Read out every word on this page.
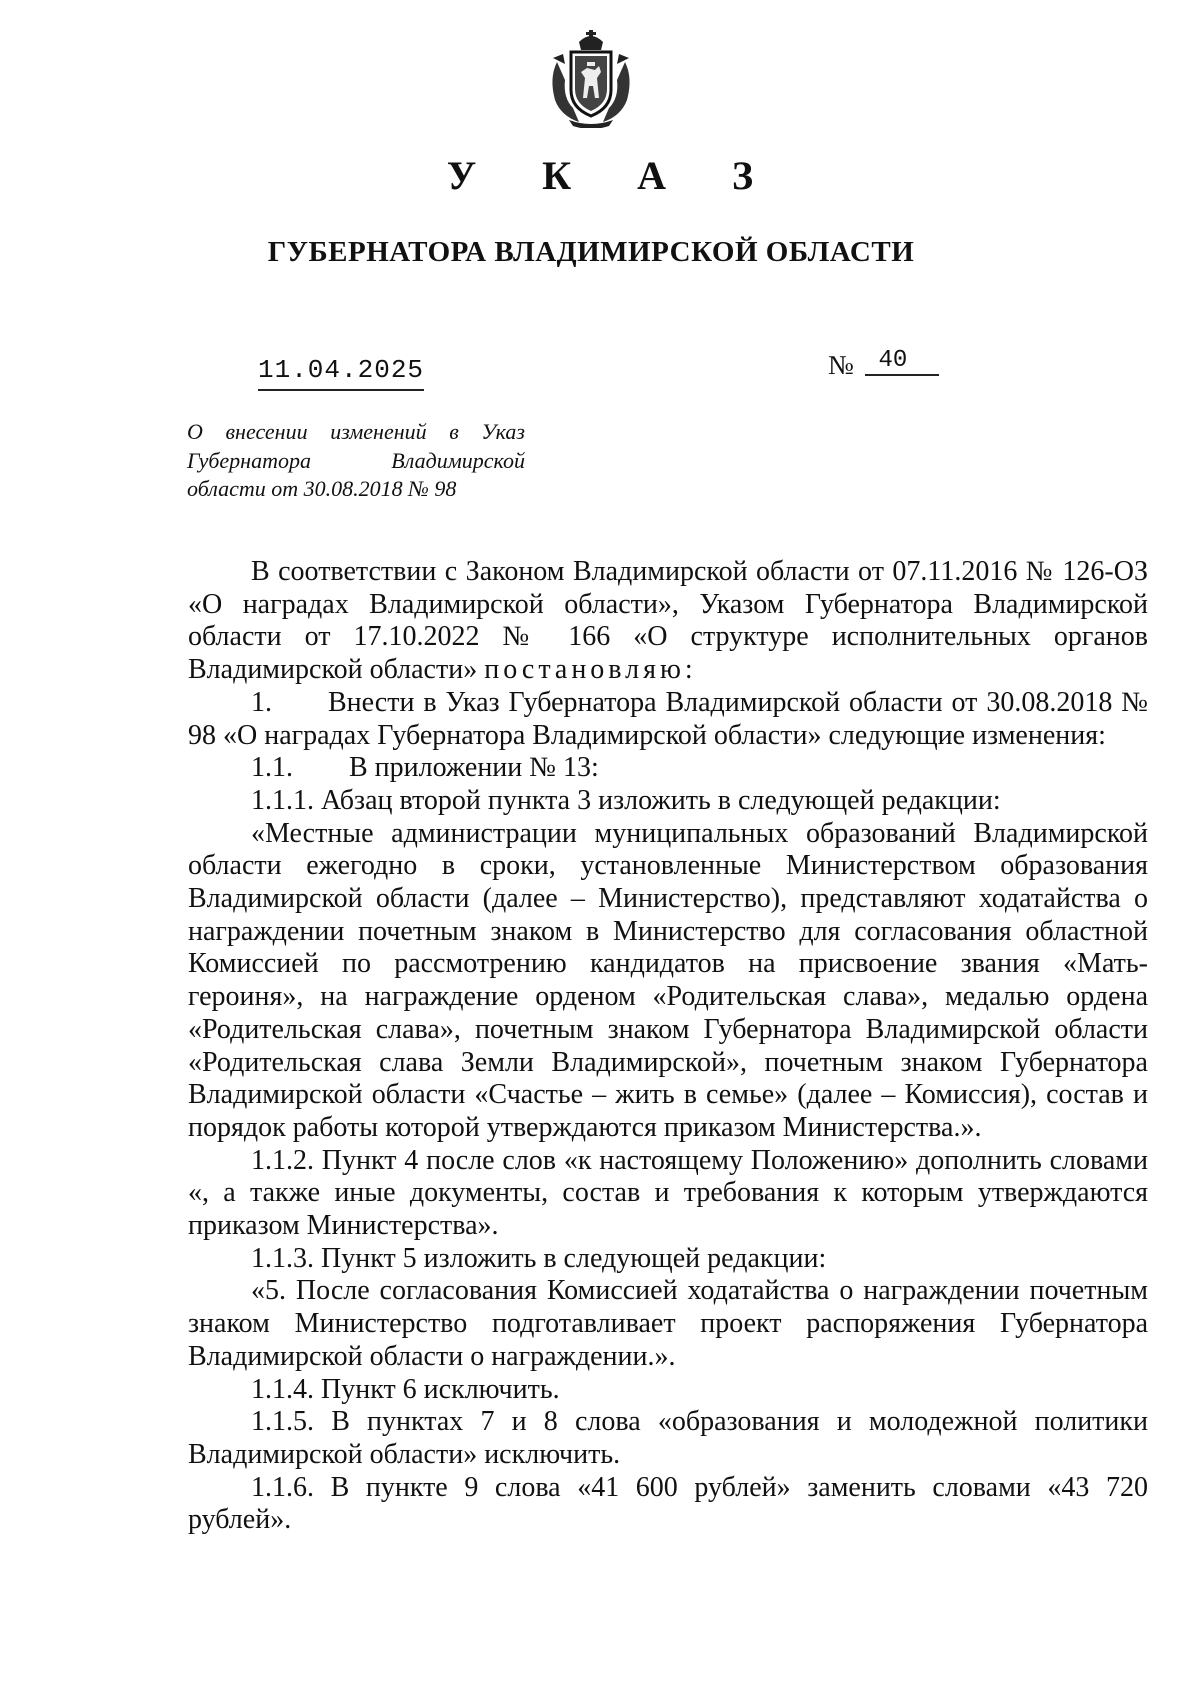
У К А З
ГУБЕРНАТОРА ВЛАДИМИРСКОЙ ОБЛАСТИ
11.04.2025	№ 40
О внесении изменений в Указ
Губернатора Владимирской
области от 30.08.2018 № 98

В соответствии с Законом Владимирской области от 07.11.2016 № 126-ОЗ «О наградах Владимирской области», Указом Губернатора Владимирской области от 17.10.2022 № 166 «О структуре исполнительных органов Владимирской области» постановляю:

1.  Внести в Указ Губернатора Владимирской области от 30.08.2018 № 98 «О наградах Губернатора Владимирской области» следующие изменения:

1.1.  В приложении № 13:

1.1.1. Абзац второй пункта 3 изложить в следующей редакции:

«Местные администрации муниципальных образований Владимирской области ежегодно в сроки, установленные Министерством образования Владимирской области (далее – Министерство), представляют ходатайства о награждении почетным знаком в Министерство для согласования областной Комиссией по рассмотрению кандидатов на присвоение звания «Мать-героиня», на награждение орденом «Родительская слава», медалью ордена «Родительская слава», почетным знаком Губернатора Владимирской области «Родительская слава Земли Владимирской», почетным знаком Губернатора Владимирской области «Счастье – жить в семье» (далее – Комиссия), состав и порядок работы которой утверждаются приказом Министерства.».

1.1.2. Пункт 4 после слов «к настоящему Положению» дополнить словами «, а также иные документы, состав и требования к которым утверждаются приказом Министерства».

1.1.3. Пункт 5 изложить в следующей редакции:

«5. После согласования Комиссией ходатайства о награждении почетным знаком Министерство подготавливает проект распоряжения Губернатора Владимирской области о награждении.».

1.1.4. Пункт 6 исключить.

1.1.5. В пунктах 7 и 8 слова «образования и молодежной политики Владимирской области» исключить.

1.1.6. В пункте 9 слова «41 600 рублей» заменить словами «43 720 рублей».
